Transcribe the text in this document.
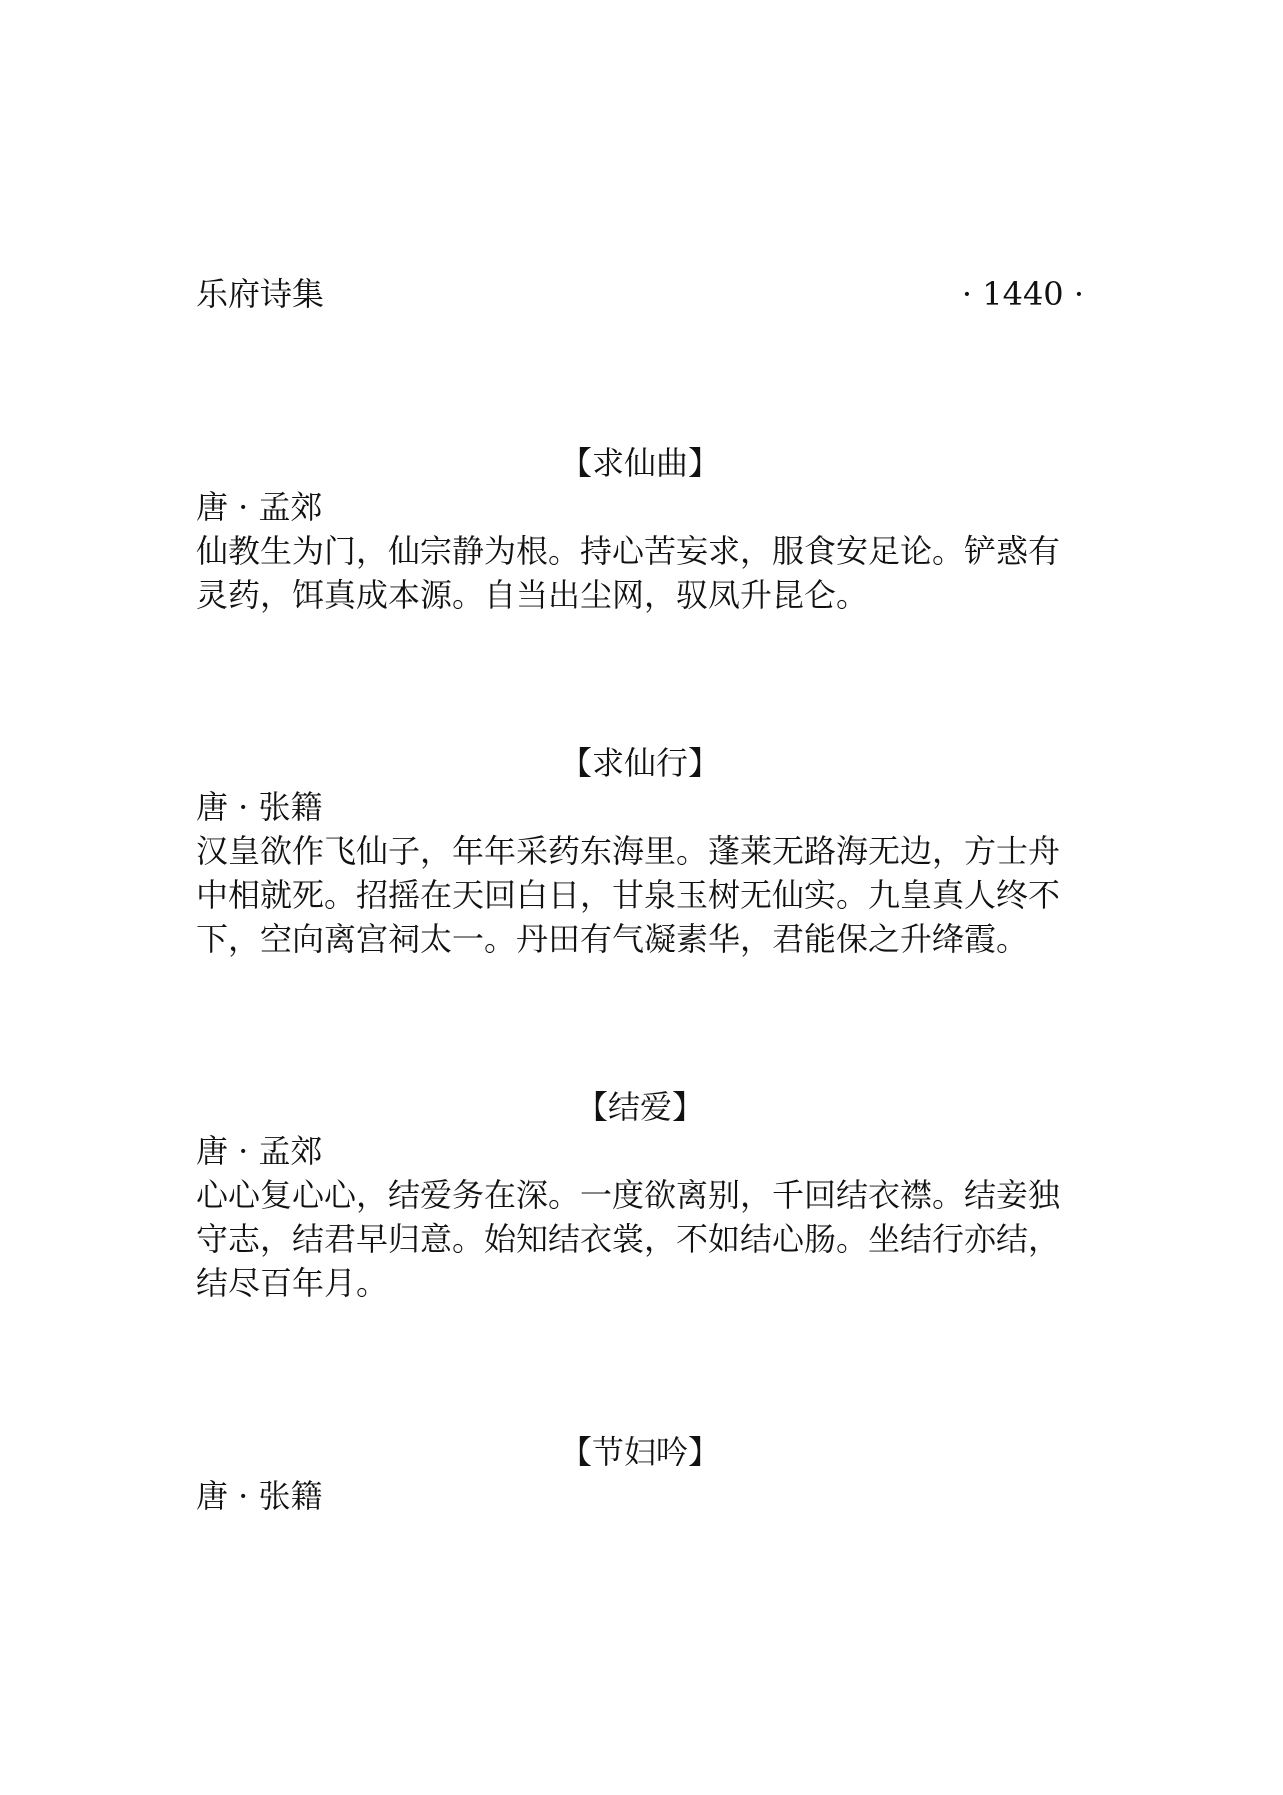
乐府诗集	· 1440 ·
【求仙曲】
唐 · 孟郊
仙教生为门，仙宗静为根。持心苦妄求，服食安足论。铲惑有
灵药，饵真成本源。自当出尘网，驭凤升昆仑。
【求仙行】
唐 · 张籍
汉皇欲作飞仙子，年年采药东海里。蓬莱无路海无边，方士舟
中相就死。招摇在天回白日，甘泉玉树无仙实。九皇真人终不
下，空向离宫祠太一。丹田有气凝素华，君能保之升绛霞。
【结爱】
唐 · 孟郊
心心复心心，结爱务在深。一度欲离别，千回结衣襟。结妾独
守志，结君早归意。始知结衣裳，不如结心肠。坐结行亦结，
结尽百年月。
【节妇吟】
唐 · 张籍
